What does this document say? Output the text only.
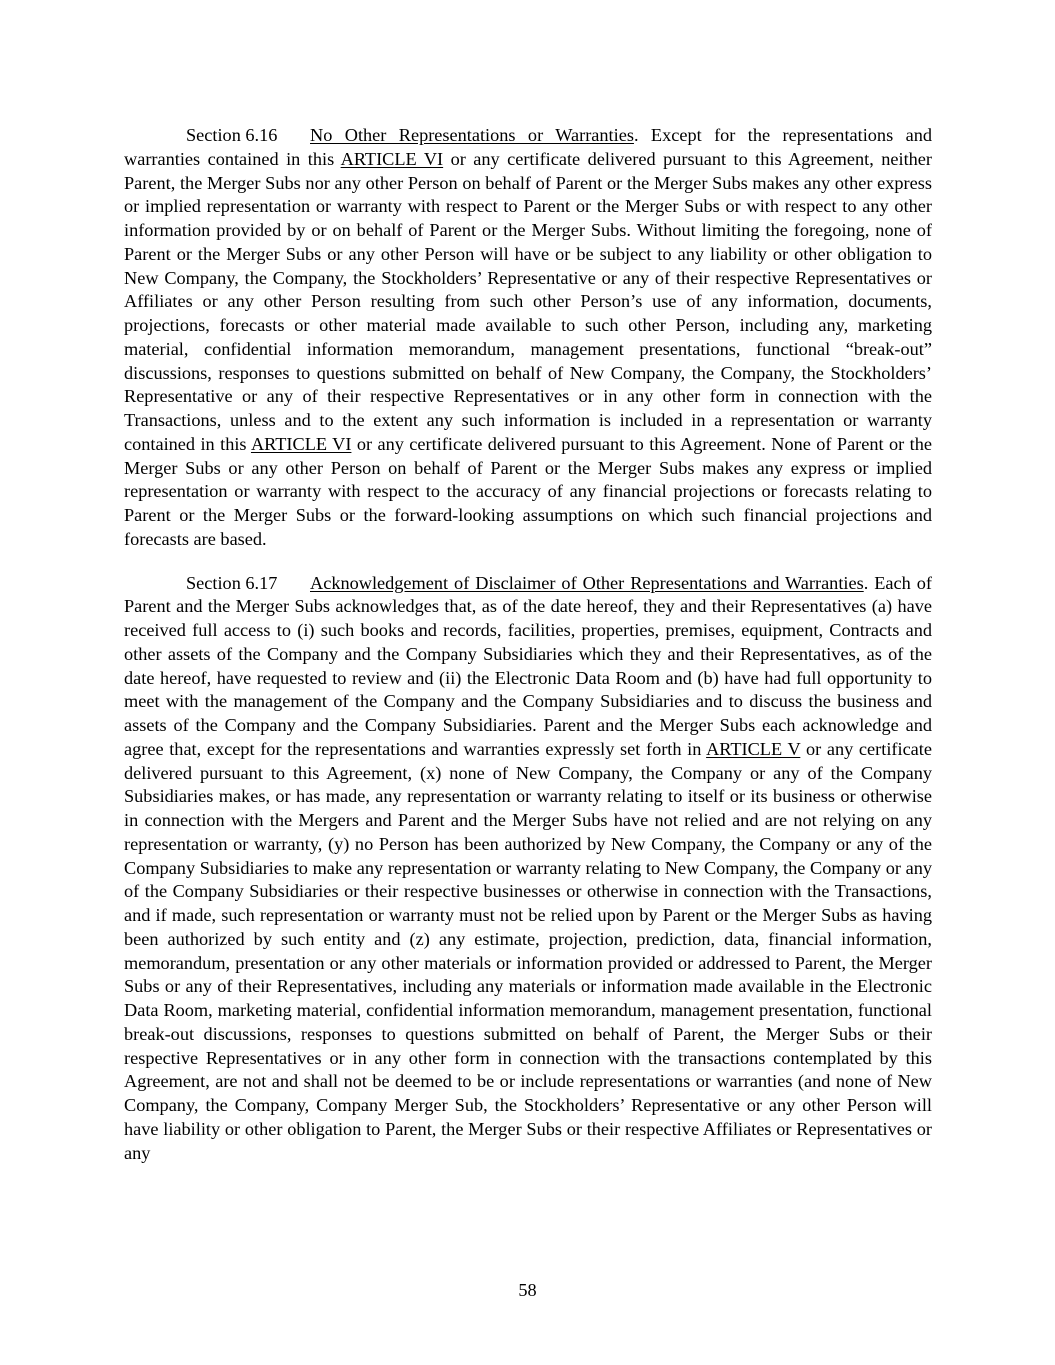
Section 6.16 No Other Representations or Warranties. Except for the representations and warranties contained in this ARTICLE VI or any certificate delivered pursuant to this Agreement, neither Parent, the Merger Subs nor any other Person on behalf of Parent or the Merger Subs makes any other express or implied representation or warranty with respect to Parent or the Merger Subs or with respect to any other information provided by or on behalf of Parent or the Merger Subs. Without limiting the foregoing, none of Parent or the Merger Subs or any other Person will have or be subject to any liability or other obligation to New Company, the Company, the Stockholders’ Representative or any of their respective Representatives or Affiliates or any other Person resulting from such other Person’s use of any information, documents, projections, forecasts or other material made available to such other Person, including any, marketing material, confidential information memorandum, management presentations, functional “break-out” discussions, responses to questions submitted on behalf of New Company, the Company, the Stockholders’ Representative or any of their respective Representatives or in any other form in connection with the Transactions, unless and to the extent any such information is included in a representation or warranty contained in this ARTICLE VI or any certificate delivered pursuant to this Agreement. None of Parent or the Merger Subs or any other Person on behalf of Parent or the Merger Subs makes any express or implied representation or warranty with respect to the accuracy of any financial projections or forecasts relating to Parent or the Merger Subs or the forward-looking assumptions on which such financial projections and forecasts are based.

Section 6.17 Acknowledgement of Disclaimer of Other Representations and Warranties. Each of Parent and the Merger Subs acknowledges that, as of the date hereof, they and their Representatives (a) have received full access to (i) such books and records, facilities, properties, premises, equipment, Contracts and other assets of the Company and the Company Subsidiaries which they and their Representatives, as of the date hereof, have requested to review and (ii) the Electronic Data Room and (b) have had full opportunity to meet with the management of the Company and the Company Subsidiaries and to discuss the business and assets of the Company and the Company Subsidiaries. Parent and the Merger Subs each acknowledge and agree that, except for the representations and warranties expressly set forth in ARTICLE V or any certificate delivered pursuant to this Agreement, (x) none of New Company, the Company or any of the Company Subsidiaries makes, or has made, any representation or warranty relating to itself or its business or otherwise in connection with the Mergers and Parent and the Merger Subs have not relied and are not relying on any representation or warranty, (y) no Person has been authorized by New Company, the Company or any of the Company Subsidiaries to make any representation or warranty relating to New Company, the Company or any of the Company Subsidiaries or their respective businesses or otherwise in connection with the Transactions, and if made, such representation or warranty must not be relied upon by Parent or the Merger Subs as having been authorized by such entity and (z) any estimate, projection, prediction, data, financial information, memorandum, presentation or any other materials or information provided or addressed to Parent, the Merger Subs or any of their Representatives, including any materials or information made available in the Electronic Data Room, marketing material, confidential information memorandum, management presentation, functional break-out discussions, responses to questions submitted on behalf of Parent, the Merger Subs or their respective Representatives or in any other form in connection with the transactions contemplated by this Agreement, are not and shall not be deemed to be or include representations or warranties (and none of New Company, the Company, Company Merger Sub, the Stockholders’ Representative or any other Person will have liability or other obligation to Parent, the Merger Subs or their respective Affiliates or Representatives or any

58
